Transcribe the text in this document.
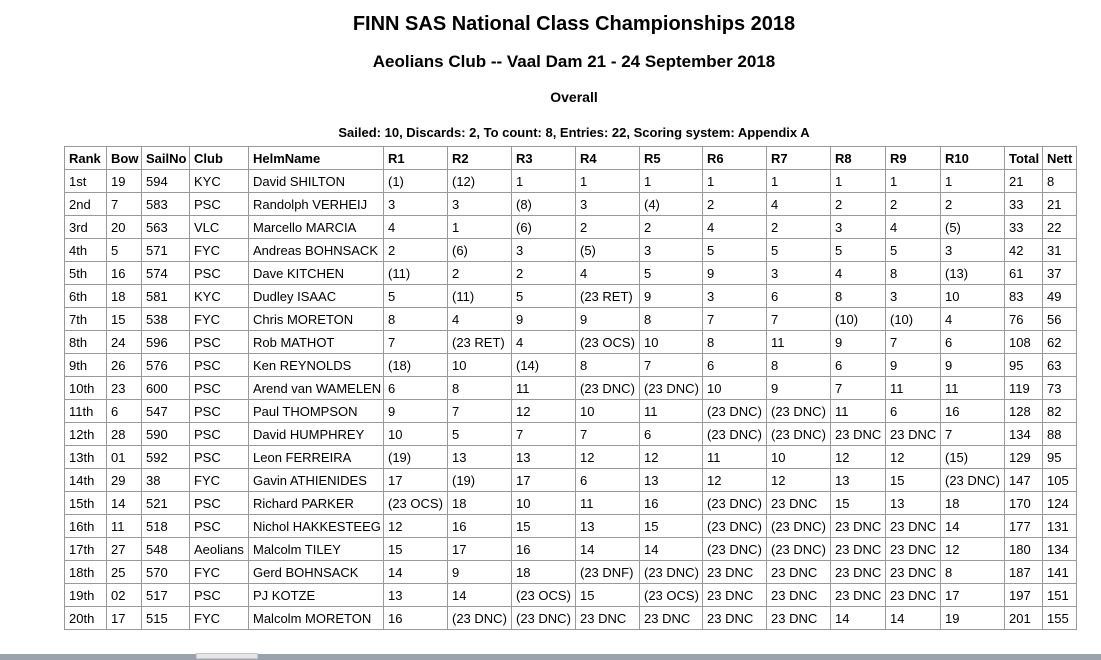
FINN SAS National Class Championships 2018
Aeolians Club -- Vaal Dam 21 - 24 September 2018
Overall
Sailed: 10, Discards: 2, To count: 8, Entries: 22, Scoring system: Appendix A
Rank	Bow	SailNo	Club	HelmName	R1	R2	R3	R4	R5	R6	R7	R8	R9	R10	Total	Nett
1st	19	594	KYC	David SHILTON	(1)	(12)	1	1	1	1	1	1	1	1	21	8
2nd	7	583	PSC	Randolph VERHEIJ	3	3	(8)	3	(4)	2	4	2	2	2	33	21
3rd	20	563	VLC	Marcello MARCIA	4	1	(6)	2	2	4	2	3	4	(5)	33	22
4th	5	571	FYC	Andreas BOHNSACK	2	(6)	3	(5)	3	5	5	5	5	3	42	31
5th	16	574	PSC	Dave KITCHEN	(11)	2	2	4	5	9	3	4	8	(13)	61	37
6th	18	581	KYC	Dudley ISAAC	5	(11)	5	(23 RET)	9	3	6	8	3	10	83	49
7th	15	538	FYC	Chris MORETON	8	4	9	9	8	7	7	(10)	(10)	4	76	56
8th	24	596	PSC	Rob MATHOT	7	(23 RET)	4	(23 OCS)	10	8	11	9	7	6	108	62
9th	26	576	PSC	Ken REYNOLDS	(18)	10	(14)	8	7	6	8	6	9	9	95	63
10th	23	600	PSC	Arend van WAMELEN	6	8	11	(23 DNC)	(23 DNC)	10	9	7	11	11	119	73
11th	6	547	PSC	Paul THOMPSON	9	7	12	10	11	(23 DNC)	(23 DNC)	11	6	16	128	82
12th	28	590	PSC	David HUMPHREY	10	5	7	7	6	(23 DNC)	(23 DNC)	23 DNC	23 DNC	7	134	88
13th	01	592	PSC	Leon FERREIRA	(19)	13	13	12	12	11	10	12	12	(15)	129	95
14th	29	38	FYC	Gavin ATHIENIDES	17	(19)	17	6	13	12	12	13	15	(23 DNC)	147	105
15th	14	521	PSC	Richard PARKER	(23 OCS)	18	10	11	16	(23 DNC)	23 DNC	15	13	18	170	124
16th	11	518	PSC	Nichol HAKKESTEEG	12	16	15	13	15	(23 DNC)	(23 DNC)	23 DNC	23 DNC	14	177	131
17th	27	548	Aeolians	Malcolm TILEY	15	17	16	14	14	(23 DNC)	(23 DNC)	23 DNC	23 DNC	12	180	134
18th	25	570	FYC	Gerd BOHNSACK	14	9	18	(23 DNF)	(23 DNC)	23 DNC	23 DNC	23 DNC	23 DNC	8	187	141
19th	02	517	PSC	PJ KOTZE	13	14	(23 OCS)	15	(23 OCS)	23 DNC	23 DNC	23 DNC	23 DNC	17	197	151
20th	17	515	FYC	Malcolm MORETON	16	(23 DNC)	(23 DNC)	23 DNC	23 DNC	23 DNC	23 DNC	14	14	19	201	155
